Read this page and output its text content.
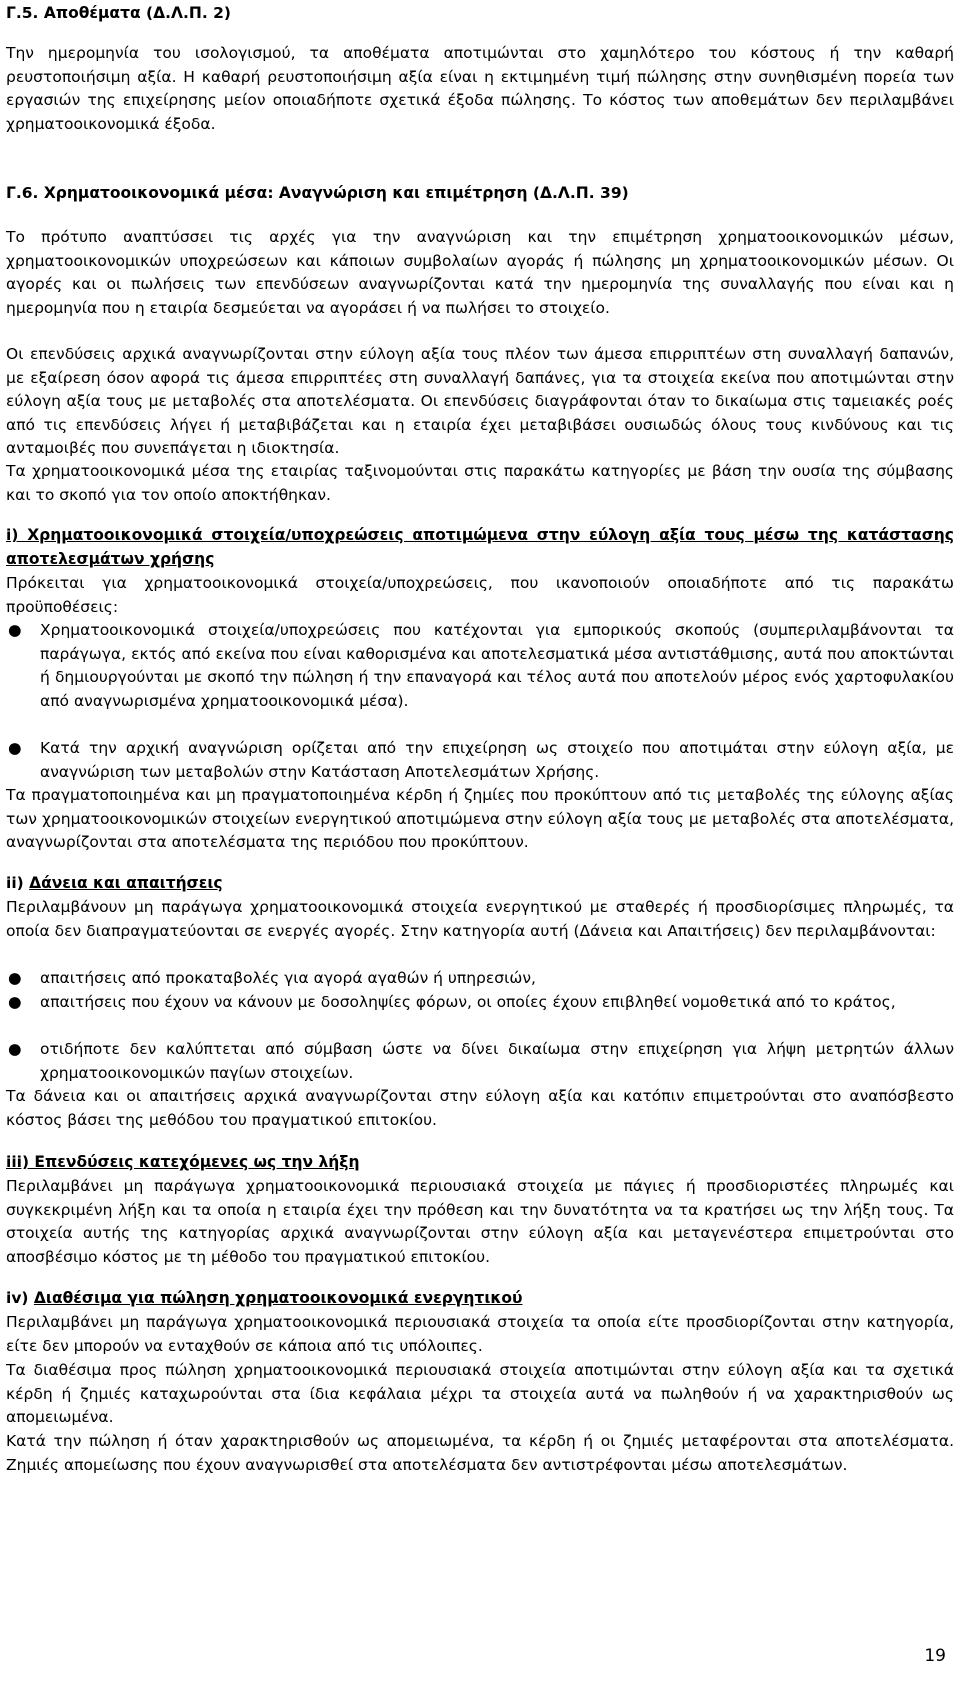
Γ.5. Αποθέματα (Δ.Λ.Π. 2)
Την ημερομηνία του ισολογισμού, τα αποθέματα αποτιμώνται στο χαμηλότερο του κόστους ή την καθαρή ρευστοποιήσιμη αξία. Η καθαρή ρευστοποιήσιμη αξία είναι η εκτιμημένη τιμή πώλησης στην συνηθισμένη πορεία των εργασιών της επιχείρησης μείον οποιαδήποτε σχετικά έξοδα πώλησης. Το κόστος των αποθεμάτων δεν περιλαμβάνει χρηματοοικονομικά έξοδα.
Γ.6. Χρηματοοικονομικά μέσα: Αναγνώριση και επιμέτρηση (Δ.Λ.Π. 39)
Το πρότυπο αναπτύσσει τις αρχές για την αναγνώριση και την επιμέτρηση χρηματοοικονομικών μέσων, χρηματοοικονομικών υποχρεώσεων και κάποιων συμβολαίων αγοράς ή πώλησης μη χρηματοοικονομικών μέσων. Οι αγορές και οι πωλήσεις των επενδύσεων αναγνωρίζονται κατά την ημερομηνία της συναλλαγής που είναι και η ημερομηνία που η εταιρία δεσμεύεται να αγοράσει ή να πωλήσει το στοιχείο.
Οι επενδύσεις αρχικά αναγνωρίζονται στην εύλογη αξία τους πλέον των άμεσα επιρριπτέων στη συναλλαγή δαπανών, με εξαίρεση όσον αφορά τις άμεσα επιρριπτέες στη συναλλαγή δαπάνες, για τα στοιχεία εκείνα που αποτιμώνται στην εύλογη αξία τους με μεταβολές στα αποτελέσματα. Οι επενδύσεις διαγράφονται όταν το δικαίωμα στις ταμειακές ροές από τις επενδύσεις λήγει ή μεταβιβάζεται και η εταιρία έχει μεταβιβάσει ουσιωδώς όλους τους κινδύνους και τις ανταμοιβές που συνεπάγεται η ιδιοκτησία.
Τα χρηματοοικονομικά μέσα της εταιρίας ταξινομούνται στις παρακάτω κατηγορίες με βάση την ουσία της σύμβασης και το σκοπό για τον οποίο αποκτήθηκαν.
i) Χρηματοοικονομικά στοιχεία/υποχρεώσεις αποτιμώμενα στην εύλογη αξία τους μέσω της κατάστασης αποτελεσμάτων χρήσης
Πρόκειται για χρηματοοικονομικά στοιχεία/υποχρεώσεις, που ικανοποιούν οποιαδήποτε από τις παρακάτω προϋποθέσεις:
● Χρηματοοικονομικά στοιχεία/υποχρεώσεις που κατέχονται για εμπορικούς σκοπούς (συμπεριλαμβάνονται τα παράγωγα, εκτός από εκείνα που είναι καθορισμένα και αποτελεσματικά μέσα αντιστάθμισης, αυτά που αποκτώνται ή δημιουργούνται με σκοπό την πώληση ή την επαναγορά και τέλος αυτά που αποτελούν μέρος ενός χαρτοφυλακίου από αναγνωρισμένα χρηματοοικονομικά μέσα).
● Κατά την αρχική αναγνώριση ορίζεται από την επιχείρηση ως στοιχείο που αποτιμάται στην εύλογη αξία, με αναγνώριση των μεταβολών στην Κατάσταση Αποτελεσμάτων Χρήσης.
Τα πραγματοποιημένα και μη πραγματοποιημένα κέρδη ή ζημίες που προκύπτουν από τις μεταβολές της εύλογης αξίας των χρηματοοικονομικών στοιχείων ενεργητικού αποτιμώμενα στην εύλογη αξία τους με μεταβολές στα αποτελέσματα, αναγνωρίζονται στα αποτελέσματα της περιόδου που προκύπτουν.
ii) Δάνεια και απαιτήσεις
Περιλαμβάνουν μη παράγωγα χρηματοοικονομικά στοιχεία ενεργητικού με σταθερές ή προσδιορίσιμες πληρωμές, τα οποία δεν διαπραγματεύονται σε ενεργές αγορές. Στην κατηγορία αυτή (Δάνεια και Απαιτήσεις) δεν περιλαμβάνονται:
● απαιτήσεις από προκαταβολές για αγορά αγαθών ή υπηρεσιών,
● απαιτήσεις που έχουν να κάνουν με δοσοληψίες φόρων, οι οποίες έχουν επιβληθεί νομοθετικά από το κράτος,
● οτιδήποτε δεν καλύπτεται από σύμβαση ώστε να δίνει δικαίωμα στην επιχείρηση για λήψη μετρητών άλλων χρηματοοικονομικών παγίων στοιχείων.
Τα δάνεια και οι απαιτήσεις αρχικά αναγνωρίζονται στην εύλογη αξία και κατόπιν επιμετρούνται στο αναπόσβεστο κόστος βάσει της μεθόδου του πραγματικού επιτοκίου.
iii) Επενδύσεις κατεχόμενες ως την λήξη
Περιλαμβάνει μη παράγωγα χρηματοοικονομικά περιουσιακά στοιχεία με πάγιες ή προσδιοριστέες πληρωμές και συγκεκριμένη λήξη και τα οποία η εταιρία έχει την πρόθεση και την δυνατότητα να τα κρατήσει ως την λήξη τους. Τα στοιχεία αυτής της κατηγορίας αρχικά αναγνωρίζονται στην εύλογη αξία και μεταγενέστερα επιμετρούνται στο αποσβέσιμο κόστος με τη μέθοδο του πραγματικού επιτοκίου.
iv) Διαθέσιμα για πώληση χρηματοοικονομικά ενεργητικού
Περιλαμβάνει μη παράγωγα χρηματοοικονομικά περιουσιακά στοιχεία τα οποία είτε προσδιορίζονται στην κατηγορία, είτε δεν μπορούν να ενταχθούν σε κάποια από τις υπόλοιπες.
Τα διαθέσιμα προς πώληση χρηματοοικονομικά περιουσιακά στοιχεία αποτιμώνται στην εύλογη αξία και τα σχετικά κέρδη ή ζημιές καταχωρούνται στα ίδια κεφάλαια μέχρι τα στοιχεία αυτά να πωληθούν ή να χαρακτηρισθούν ως απομειωμένα.
Κατά την πώληση ή όταν χαρακτηρισθούν ως απομειωμένα, τα κέρδη ή οι ζημιές μεταφέρονται στα αποτελέσματα. Ζημιές απομείωσης που έχουν αναγνωρισθεί στα αποτελέσματα δεν αντιστρέφονται μέσω αποτελεσμάτων.
19
